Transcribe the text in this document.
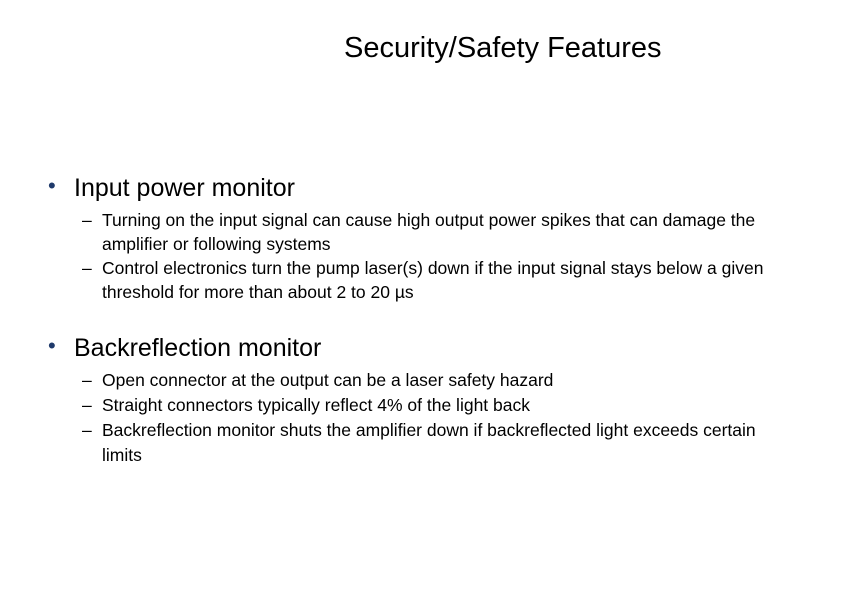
Security/Safety Features
• Input power monitor
– Turning on the input signal can cause high output power spikes that can damage the amplifier or following systems
– Control electronics turn the pump laser(s) down if the input signal stays below a given threshold for more than about 2 to 20 µs
• Backreflection monitor
– Open connector at the output can be a laser safety hazard
– Straight connectors typically reflect 4% of the light back
– Backreflection monitor shuts the amplifier down if backreflected light exceeds certain limits
